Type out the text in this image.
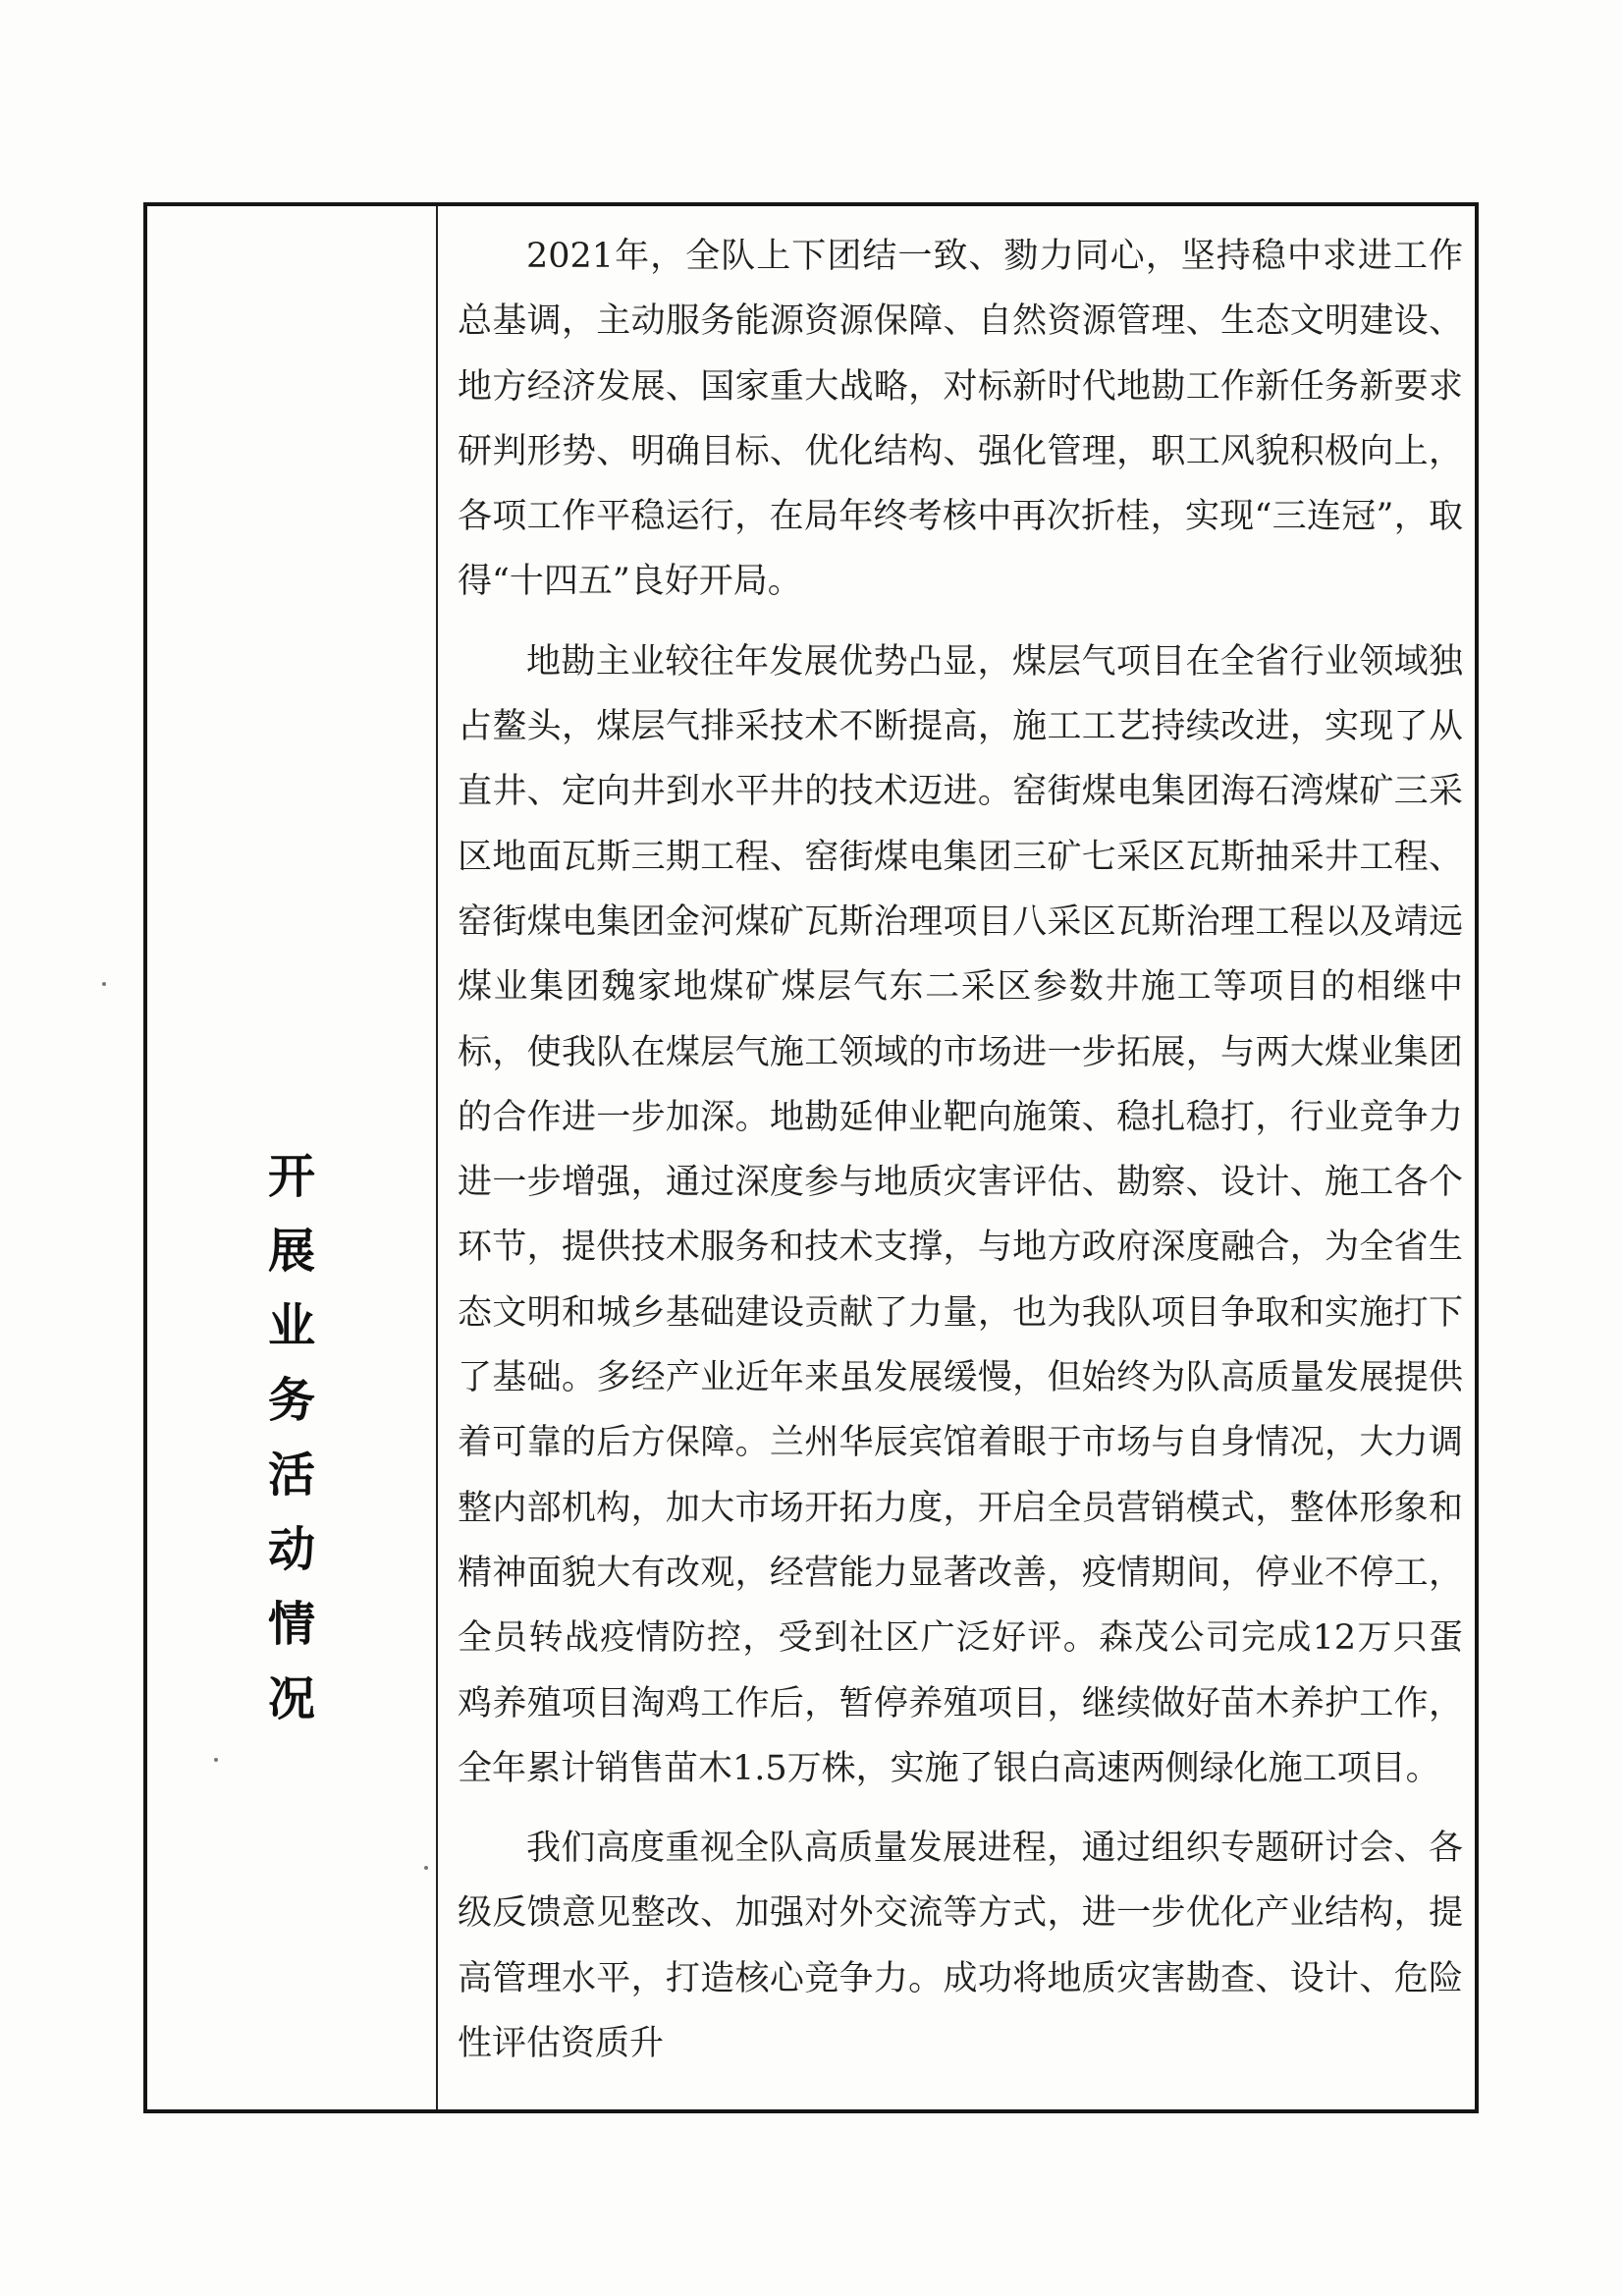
开
展
业
务
活
动
情
况

2021年，全队上下团结一致、勠力同心，坚持稳中求进工作总基调，主动服务能源资源保障、自然资源管理、生态文明建设、地方经济发展、国家重大战略，对标新时代地勘工作新任务新要求研判形势、明确目标、优化结构、强化管理，职工风貌积极向上，各项工作平稳运行，在局年终考核中再次折桂，实现“三连冠”，取得“十四五”良好开局。

地勘主业较往年发展优势凸显，煤层气项目在全省行业领域独占鳌头，煤层气排采技术不断提高，施工工艺持续改进，实现了从直井、定向井到水平井的技术迈进。窑街煤电集团海石湾煤矿三采区地面瓦斯三期工程、窑街煤电集团三矿七采区瓦斯抽采井工程、窑街煤电集团金河煤矿瓦斯治理项目八采区瓦斯治理工程以及靖远煤业集团魏家地煤矿煤层气东二采区参数井施工等项目的相继中标，使我队在煤层气施工领域的市场进一步拓展，与两大煤业集团的合作进一步加深。地勘延伸业靶向施策、稳扎稳打，行业竞争力进一步增强，通过深度参与地质灾害评估、勘察、设计、施工各个环节，提供技术服务和技术支撑，与地方政府深度融合，为全省生态文明和城乡基础建设贡献了力量，也为我队项目争取和实施打下了基础。多经产业近年来虽发展缓慢，但始终为队高质量发展提供着可靠的后方保障。兰州华辰宾馆着眼于市场与自身情况，大力调整内部机构，加大市场开拓力度，开启全员营销模式，整体形象和精神面貌大有改观，经营能力显著改善，疫情期间，停业不停工，全员转战疫情防控，受到社区广泛好评。森茂公司完成12万只蛋鸡养殖项目淘鸡工作后，暂停养殖项目，继续做好苗木养护工作，全年累计销售苗木1.5万株，实施了银白高速两侧绿化施工项目。

我们高度重视全队高质量发展进程，通过组织专题研讨会、各级反馈意见整改、加强对外交流等方式，进一步优化产业结构，提高管理水平，打造核心竞争力。成功将地质灾害勘查、设计、危险性评估资质升
